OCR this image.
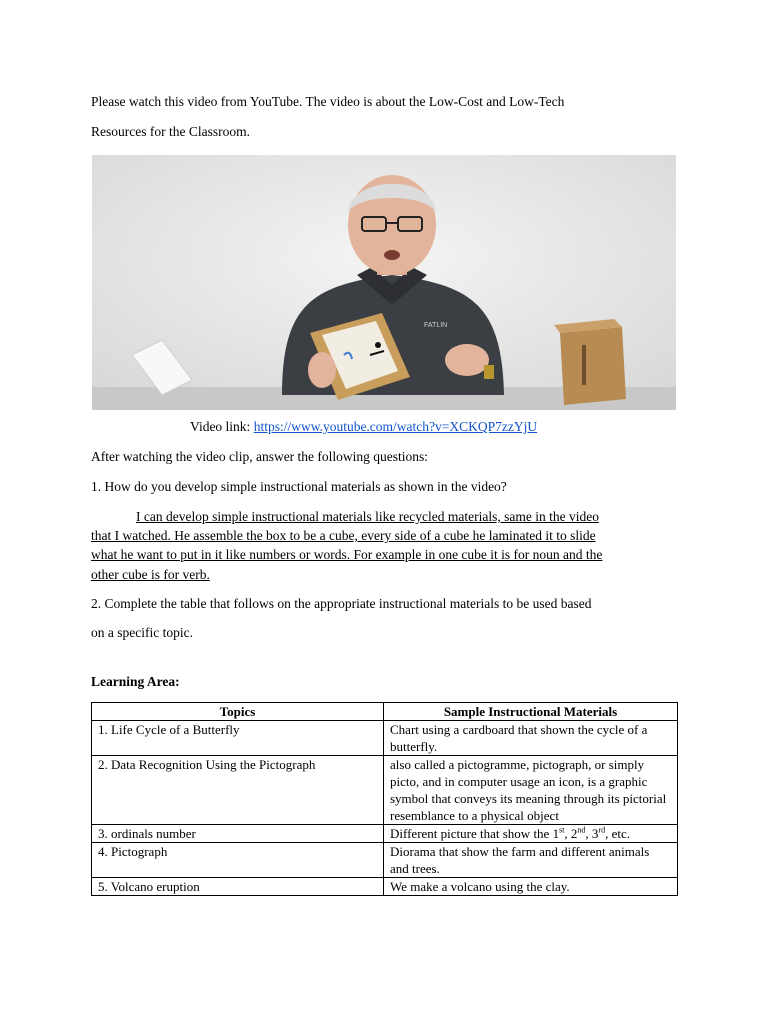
Please watch this video from YouTube. The video is about the Low-Cost and Low-Tech
Resources for the Classroom.
FATLIN
Video link: https://www.youtube.com/watch?v=XCKQP7zzYjU
After watching the video clip, answer the following questions:
1. How do you develop simple instructional materials as shown in the video?
I can develop simple instructional materials like recycled materials, same in the video
that I watched. He assemble the box to be a cube, every side of a cube he laminated it to slide
what he want to put in it like numbers or words. For example in one cube it is for noun and the
other cube is for verb.
2. Complete the table that follows on the appropriate instructional materials to be used based
on a specific topic.
Learning Area:
Topics	Sample Instructional Materials
1. Life Cycle of a Butterfly	Chart using a cardboard that shown the cycle of a butterfly.
2. Data Recognition Using the Pictograph	also called a pictogramme, pictograph, or simply picto, and in computer usage an icon, is a graphic symbol that conveys its meaning through its pictorial resemblance to a physical object
3. ordinals number	Different picture that show the 1st, 2nd, 3rd, etc.
4. Pictograph	Diorama that show the farm and different animals and trees.
5. Volcano eruption	We make a volcano using the clay.
